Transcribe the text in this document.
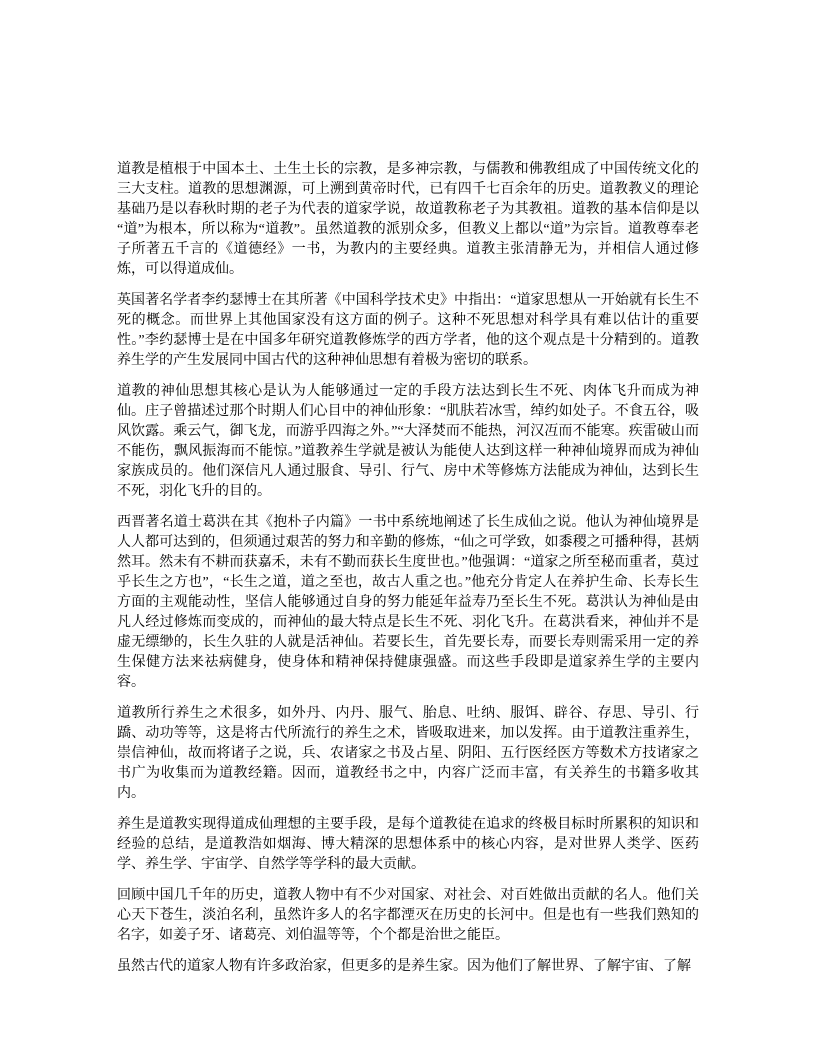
道教是植根于中国本土、土生土长的宗教，是多神宗教，与儒教和佛教组成了中国传统文化的三大支柱。道教的思想渊源，可上溯到黄帝时代，已有四千七百余年的历史。道教教义的理论基础乃是以春秋时期的老子为代表的道家学说，故道教称老子为其教祖。道教的基本信仰是以“道”为根本，所以称为“道教”。虽然道教的派别众多，但教义上都以“道”为宗旨。道教尊奉老子所著五千言的《道德经》一书，为教内的主要经典。道教主张清静无为，并相信人通过修炼，可以得道成仙。

英国著名学者李约瑟博士在其所著《中国科学技术史》中指出：“道家思想从一开始就有长生不死的概念。而世界上其他国家没有这方面的例子。这种不死思想对科学具有难以估计的重要性。”李约瑟博士是在中国多年研究道教修炼学的西方学者，他的这个观点是十分精到的。道教养生学的产生发展同中国古代的这种神仙思想有着极为密切的联系。

道教的神仙思想其核心是认为人能够通过一定的手段方法达到长生不死、肉体飞升而成为神仙。庄子曾描述过那个时期人们心目中的神仙形象：“肌肤若冰雪，绰约如处子。不食五谷，吸风饮露。乘云气，御飞龙，而游乎四海之外。”“大泽焚而不能热，河汉冱而不能寒。疾雷破山而不能伤，飘风振海而不能惊。”道教养生学就是被认为能使人达到这样一种神仙境界而成为神仙家族成员的。他们深信凡人通过服食、导引、行气、房中术等修炼方法能成为神仙，达到长生不死，羽化飞升的目的。

西晋著名道士葛洪在其《抱朴子内篇》一书中系统地阐述了长生成仙之说。他认为神仙境界是人人都可达到的，但须通过艰苦的努力和辛勤的修炼，“仙之可学致，如黍稷之可播种得，甚炳然耳。然未有不耕而获嘉禾，未有不勤而获长生度世也。”他强调：“道家之所至秘而重者，莫过乎长生之方也”，“长生之道，道之至也，故古人重之也。”他充分肯定人在养护生命、长寿长生方面的主观能动性，坚信人能够通过自身的努力能延年益寿乃至长生不死。葛洪认为神仙是由凡人经过修炼而变成的，而神仙的最大特点是长生不死、羽化飞升。在葛洪看来，神仙并不是虚无缥缈的，长生久驻的人就是活神仙。若要长生，首先要长寿，而要长寿则需采用一定的养生保健方法来祛病健身，使身体和精神保持健康强盛。而这些手段即是道家养生学的主要内容。

道教所行养生之术很多，如外丹、内丹、服气、胎息、吐纳、服饵、辟谷、存思、导引、行蹻、动功等等，这是将古代所流行的养生之术，皆吸取进来，加以发挥。由于道教注重养生，崇信神仙，故而将诸子之说，兵、农诸家之书及占星、阴阳、五行医经医方等数术方技诸家之书广为收集而为道教经籍。因而，道教经书之中，内容广泛而丰富，有关养生的书籍多收其内。

养生是道教实现得道成仙理想的主要手段，是每个道教徒在追求的终极目标时所累积的知识和经验的总结，是道教浩如烟海、博大精深的思想体系中的核心内容，是对世界人类学、医药学、养生学、宇宙学、自然学等学科的最大贡献。

回顾中国几千年的历史，道教人物中有不少对国家、对社会、对百姓做出贡献的名人。他们关心天下苍生，淡泊名利，虽然许多人的名字都湮灭在历史的长河中。但是也有一些我们熟知的名字，如姜子牙、诸葛亮、刘伯温等等，个个都是治世之能臣。

虽然古代的道家人物有许多政治家，但更多的是养生家。因为他们了解世界、了解宇宙、了解
